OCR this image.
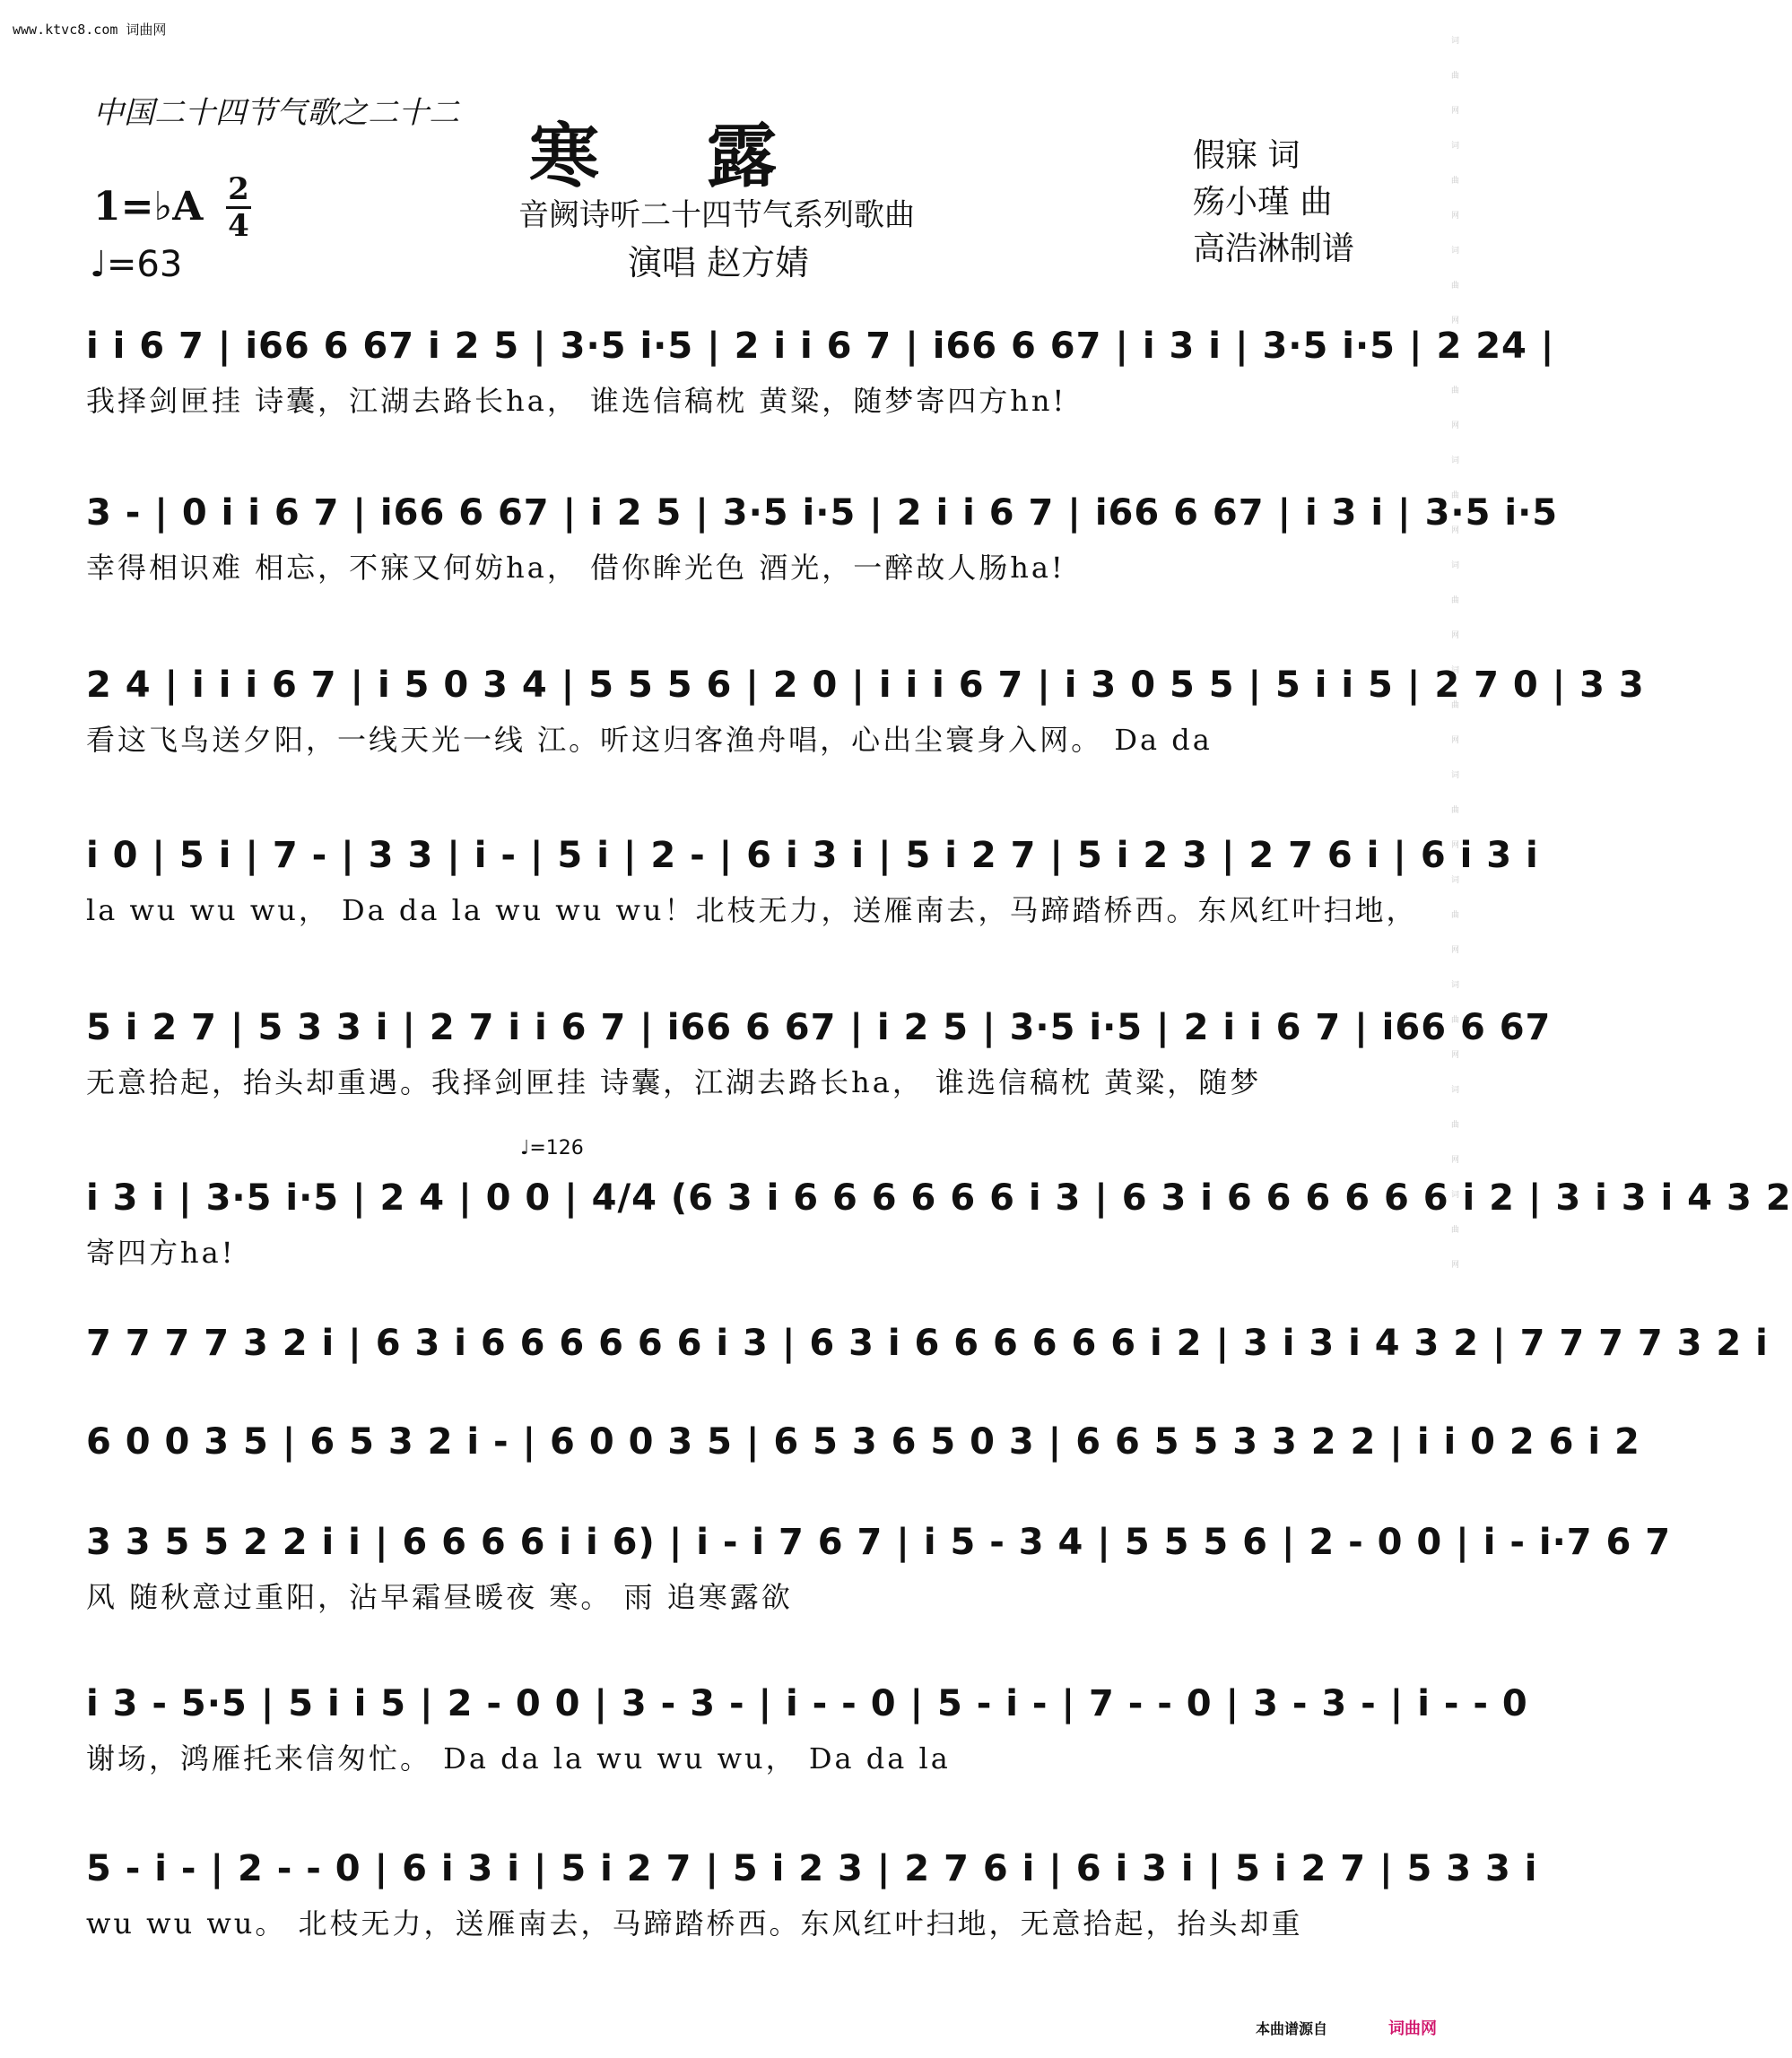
www.ktvc8.com 词曲网
词曲网词曲网词曲网词曲网词曲网词曲网词曲网词曲网词曲网词曲网词曲网词曲网
中国二十四节气歌之二十二
寒露
音阙诗听二十四节气系列歌曲
演唱 赵方婧
假寐 词
殇小瑾 曲
高浩淋制谱
1=♭A 2
4
♩=63
♩=126
i i 6 7 | i66 6 67 i 2 5 | 3·5 i·5 | 2 i i 6 7 | i66 6 67 | i 3 i | 3·5 i·5 | 2 24 |
我择剑匣挂 诗囊，江湖去路长ha， 谁选信稿枕 黄粱，随梦寄四方hn!
3 - | 0 i i 6 7 | i66 6 67 | i 2 5 | 3·5 i·5 | 2 i i 6 7 | i66 6 67 | i 3 i | 3·5 i·5
幸得相识难 相忘，不寐又何妨ha， 借你眸光色 酒光，一醉故人肠ha!
2 4 | i i i 6 7 | i 5 0 3 4 | 5 5 5 6 | 2 0 | i i i 6 7 | i 3 0 5 5 | 5 i i 5 | 2 7 0 | 3 3
看这飞鸟送夕阳，一线天光一线 江。听这归客渔舟唱，心出尘寰身入网。 Da da
i 0 | 5 i | 7 - | 3 3 | i - | 5 i | 2 - | 6 i 3 i | 5 i 2 7 | 5 i 2 3 | 2 7 6 i | 6 i 3 i
la wu wu wu， Da da la wu wu wu！北枝无力，送雁南去，马蹄踏桥西。东风红叶扫地，
5 i 2 7 | 5 3 3 i | 2 7 i i 6 7 | i66 6 67 | i 2 5 | 3·5 i·5 | 2 i i 6 7 | i66 6 67
无意拾起，抬头却重遇。我择剑匣挂 诗囊，江湖去路长ha， 谁选信稿枕 黄粱，随梦
i 3 i | 3·5 i·5 | 2 4 | 0 0 | 4/4 (6 3 i 6 6 6 6 6 6 i 3 | 6 3 i 6 6 6 6 6 6 i 2 | 3 i 3 i 4 3 2
寄四方ha!
7 7 7 7 3 2 i | 6 3 i 6 6 6 6 6 6 i 3 | 6 3 i 6 6 6 6 6 6 i 2 | 3 i 3 i 4 3 2 | 7 7 7 7 3 2 i
6 0 0 3 5 | 6 5 3 2 i - | 6 0 0 3 5 | 6 5 3 6 5 0 3 | 6 6 5 5 3 3 2 2 | i i 0 2 6 i 2
3 3 5 5 2 2 i i | 6 6 6 6 i i 6) | i - i 7 6 7 | i 5 - 3 4 | 5 5 5 6 | 2 - 0 0 | i - i·7 6 7
风 随秋意过重阳，沾早霜昼暖夜 寒。 雨 追寒露欲
i 3 - 5·5 | 5 i i 5 | 2 - 0 0 | 3 - 3 - | i - - 0 | 5 - i - | 7 - - 0 | 3 - 3 - | i - - 0
谢场，鸿雁托来信匆忙。 Da da la wu wu wu， Da da la
5 - i - | 2 - - 0 | 6 i 3 i | 5 i 2 7 | 5 i 2 3 | 2 7 6 i | 6 i 3 i | 5 i 2 7 | 5 3 3 i
wu wu wu。 北枝无力，送雁南去，马蹄踏桥西。东风红叶扫地，无意拾起，抬头却重
本曲谱源自	词曲网
